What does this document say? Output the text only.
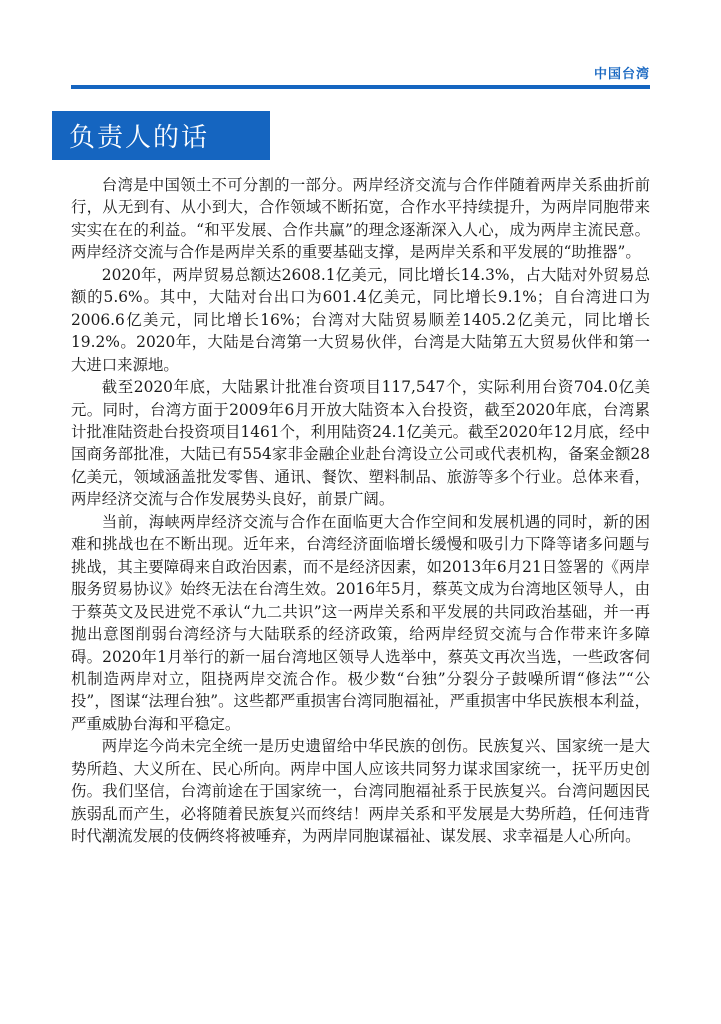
中国台湾
负责人的话

台湾是中国领土不可分割的一部分。两岸经济交流与合作伴随着两岸关系曲折前行，从无到有、从小到大，合作领域不断拓宽，合作水平持续提升，为两岸同胞带来实实在在的利益。“和平发展、合作共赢”的理念逐渐深入人心，成为两岸主流民意。两岸经济交流与合作是两岸关系的重要基础支撑，是两岸关系和平发展的“助推器”。

2020年，两岸贸易总额达2608.1亿美元，同比增长14.3%，占大陆对外贸易总额的5.6%。其中，大陆对台出口为601.4亿美元，同比增长9.1%；自台湾进口为2006.6亿美元，同比增长16%；台湾对大陆贸易顺差1405.2亿美元，同比增长19.2%。2020年，大陆是台湾第一大贸易伙伴，台湾是大陆第五大贸易伙伴和第一大进口来源地。

截至2020年底，大陆累计批准台资项目117,547个，实际利用台资704.0亿美元。同时，台湾方面于2009年6月开放大陆资本入台投资，截至2020年底，台湾累计批准陆资赴台投资项目1461个，利用陆资24.1亿美元。截至2020年12月底，经中国商务部批准，大陆已有554家非金融企业赴台湾设立公司或代表机构，备案金额28亿美元，领域涵盖批发零售、通讯、餐饮、塑料制品、旅游等多个行业。总体来看，两岸经济交流与合作发展势头良好，前景广阔。

当前，海峡两岸经济交流与合作在面临更大合作空间和发展机遇的同时，新的困难和挑战也在不断出现。近年来，台湾经济面临增长缓慢和吸引力下降等诸多问题与挑战，其主要障碍来自政治因素，而不是经济因素，如2013年6月21日签署的《两岸服务贸易协议》始终无法在台湾生效。2016年5月，蔡英文成为台湾地区领导人，由于蔡英文及民进党不承认“九二共识”这一两岸关系和平发展的共同政治基础，并一再抛出意图削弱台湾经济与大陆联系的经济政策，给两岸经贸交流与合作带来许多障碍。2020年1月举行的新一届台湾地区领导人选举中，蔡英文再次当选，一些政客伺机制造两岸对立，阻挠两岸交流合作。极少数“台独”分裂分子鼓噪所谓“修法”“公投”，图谋“法理台独”。这些都严重损害台湾同胞福祉，严重损害中华民族根本利益，严重威胁台海和平稳定。

两岸迄今尚未完全统一是历史遗留给中华民族的创伤。民族复兴、国家统一是大势所趋、大义所在、民心所向。两岸中国人应该共同努力谋求国家统一，抚平历史创伤。我们坚信，台湾前途在于国家统一，台湾同胞福祉系于民族复兴。台湾问题因民族弱乱而产生，必将随着民族复兴而终结！两岸关系和平发展是大势所趋，任何违背时代潮流发展的伎俩终将被唾弃，为两岸同胞谋福祉、谋发展、求幸福是人心所向。
